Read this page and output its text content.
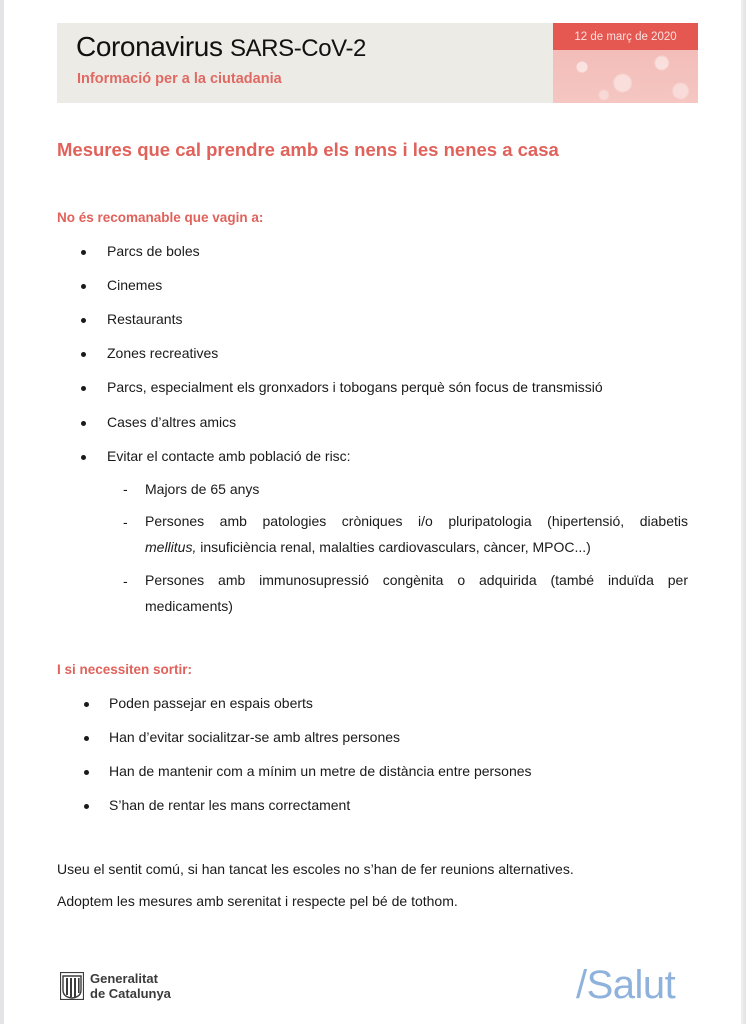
Coronavirus SARS-CoV-2
Informació per a la ciutadania
12 de març de 2020
Mesures que cal prendre amb els nens i les nenes a casa
No és recomanable que vagin a:
Parcs de boles
Cinemes
Restaurants
Zones recreatives
Parcs, especialment els gronxadors i tobogans perquè són focus de transmissió
Cases d’altres amics
Evitar el contacte amb població de risc:
- Majors de 65 anys
- Persones amb patologies cròniques i/o pluripatologia (hipertensió, diabetis
mellitus, insuficiència renal, malalties cardiovasculars, càncer, MPOC...)
- Persones amb immunosupressió congènita o adquirida (també induïda per
medicaments)
I si necessiten sortir:
Poden passejar en espais oberts
Han d’evitar socialitzar-se amb altres persones
Han de mantenir com a mínim un metre de distància entre persones
S’han de rentar les mans correctament
Useu el sentit comú, si han tancat les escoles no s’han de fer reunions alternatives.
Adoptem les mesures amb serenitat i respecte pel bé de tothom.
Generalitat
de Catalunya	/Salut
